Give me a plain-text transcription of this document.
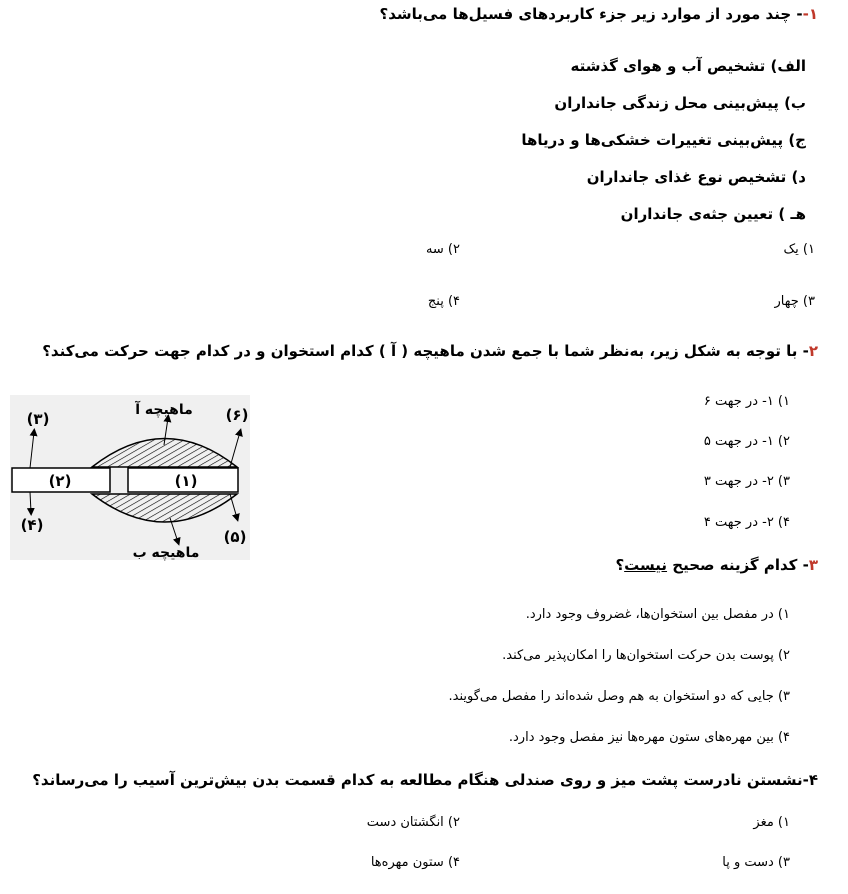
۱-- چند مورد از موارد زیر جزء کاربردهای فسیل‌ها می‌باشد؟
الف) تشخیص آب و هوای گذشته
ب) پیش‌بینی محل زندگی جانداران
ج) پیش‌بینی تغییرات خشکی‌ها و دریاها
د) تشخیص نوع غذای جانداران
هـ ) تعیین جثه‌ی جانداران
۱) یک
۲) سه
۳) چهار
۴) پنج
۲- با توجه به شکل زیر، به‌نظر شما با جمع شدن ماهیچه ( آ ) کدام استخوان و در کدام جهت حرکت می‌کند؟
۱) ۱- در جهت ۶
۲) ۱- در جهت ۵
۳) ۲- در جهت ۳
۴) ۲- در جهت ۴
(۲)	(۱)
(۳)
(۴)
(۶)
(۵)
ماهیچه آ
ماهیچه ب
۳- کدام گزینه صحیح نیست؟
۱) در مفصل بین استخوان‌ها، غضروف وجود دارد.
۲) پوست بدن حرکت استخوان‌ها را امکان‌پذیر می‌کند.
۳) جایی که دو استخوان به هم وصل شده‌اند را مفصل می‌گویند.
۴) بین مهره‌های ستون مهره‌ها نیز مفصل وجود دارد.
۴-نشستن نادرست پشت میز و روی صندلی هنگام مطالعه به کدام قسمت بدن بیش‌ترین آسیب را می‌رساند؟
۱) مغز
۲) انگشتان دست
۳) دست و پا
۴) ستون مهره‌ها
